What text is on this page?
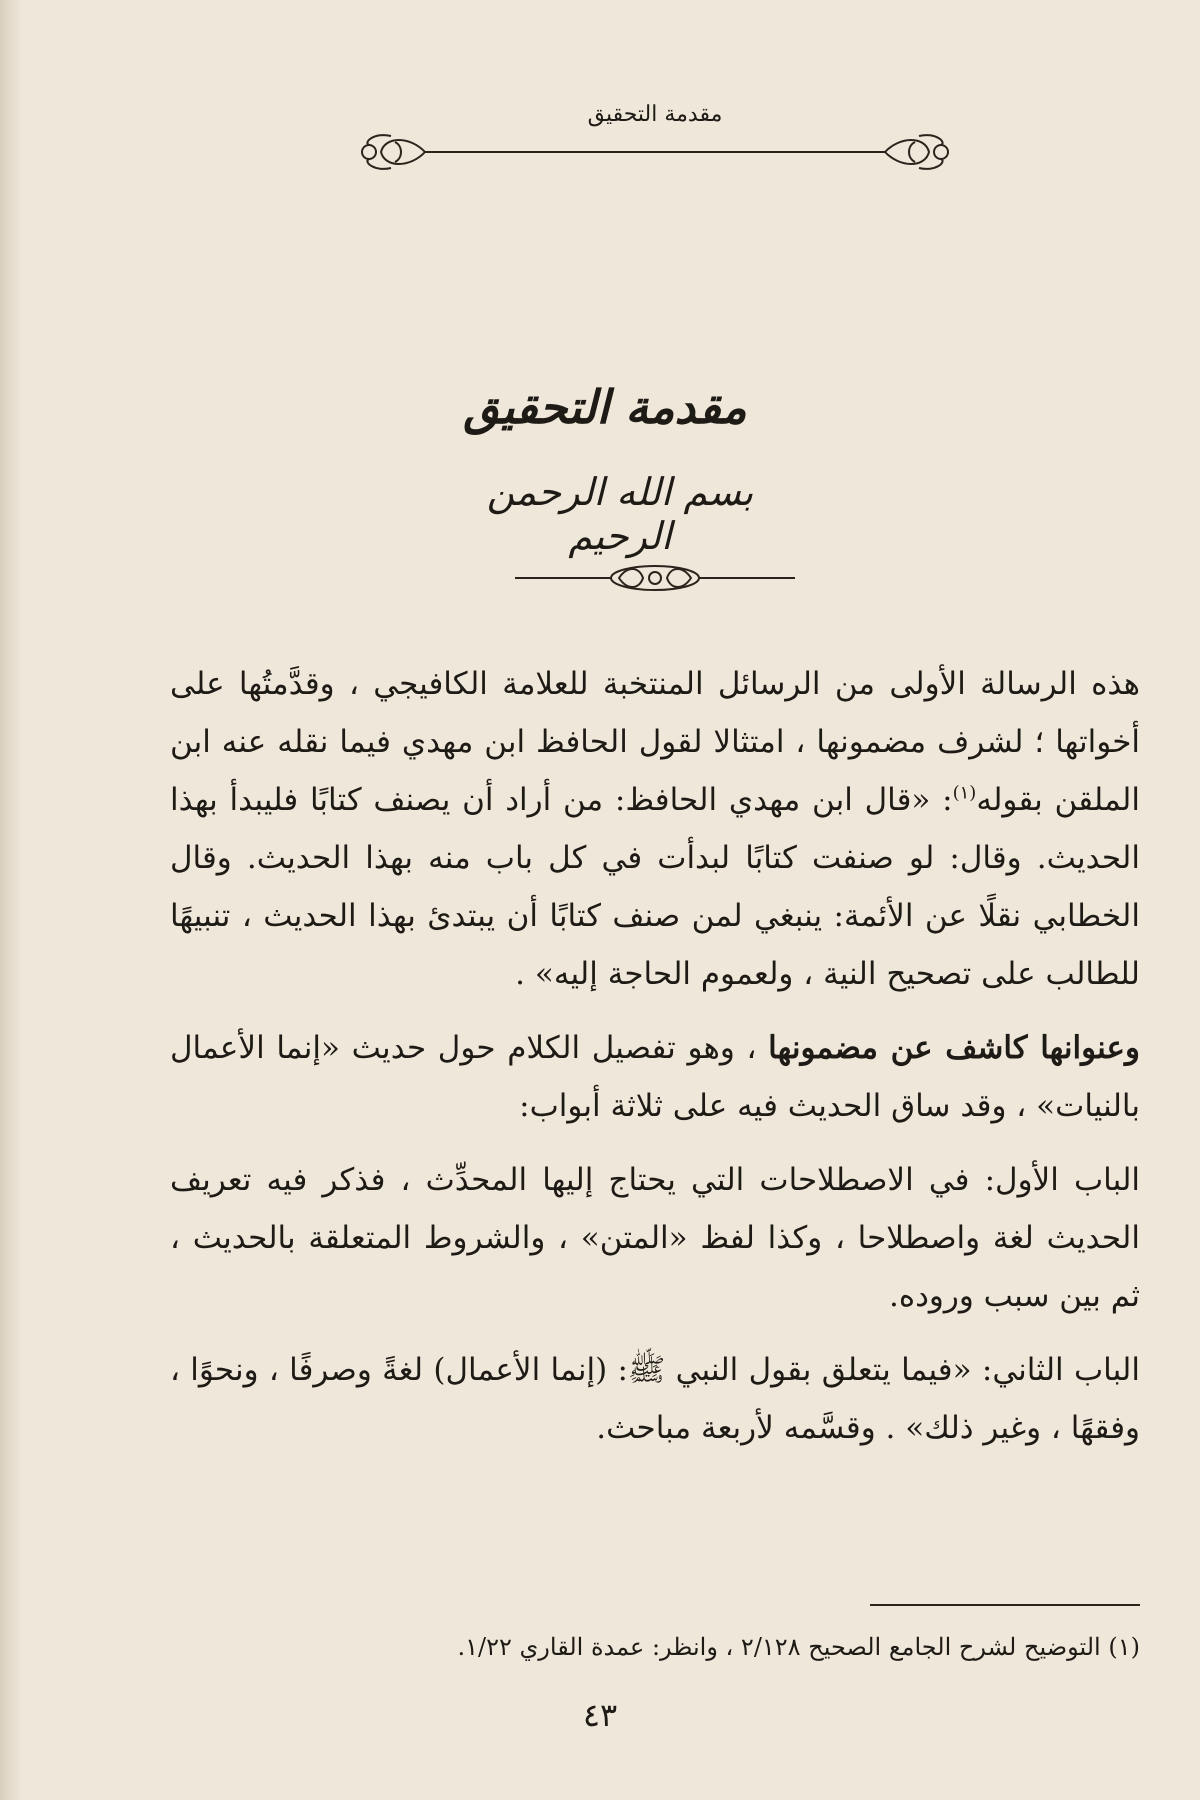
مقدمة التحقيق
مقدمة التحقيق
بسم الله الرحمن الرحيم

هذه الرسالة الأولى من الرسائل المنتخبة للعلامة الكافيجي ، وقدَّمتُها على أخواتها ؛ لشرف مضمونها ، امتثالا لقول الحافظ ابن مهدي فيما نقله عنه ابن الملقن بقوله$^{(١)}$: «قال ابن مهدي الحافظ: من أراد أن يصنف كتابًا فليبدأ بهذا الحديث. وقال: لو صنفت كتابًا لبدأت في كل باب منه بهذا الحديث. وقال الخطابي نقلًا عن الأئمة: ينبغي لمن صنف كتابًا أن يبتدئ بهذا الحديث ، تنبيهًا للطالب على تصحيح النية ، ولعموم الحاجة إليه» .

وعنوانها كاشف عن مضمونها ، وهو تفصيل الكلام حول حديث «إنما الأعمال بالنيات» ، وقد ساق الحديث فيه على ثلاثة أبواب:

الباب الأول: في الاصطلاحات التي يحتاج إليها المحدِّث ، فذكر فيه تعريف الحديث لغة واصطلاحا ، وكذا لفظ «المتن» ، والشروط المتعلقة بالحديث ، ثم بين سبب وروده.

الباب الثاني: «فيما يتعلق بقول النبي ﷺ: (إنما الأعمال) لغةً وصرفًا ، ونحوًا ، وفقهًا ، وغير ذلك» . وقسَّمه لأربعة مباحث.

(١) التوضيح لشرح الجامع الصحيح ٢/١٢٨ ، وانظر: عمدة القاري ١/٢٢.
٤٣
